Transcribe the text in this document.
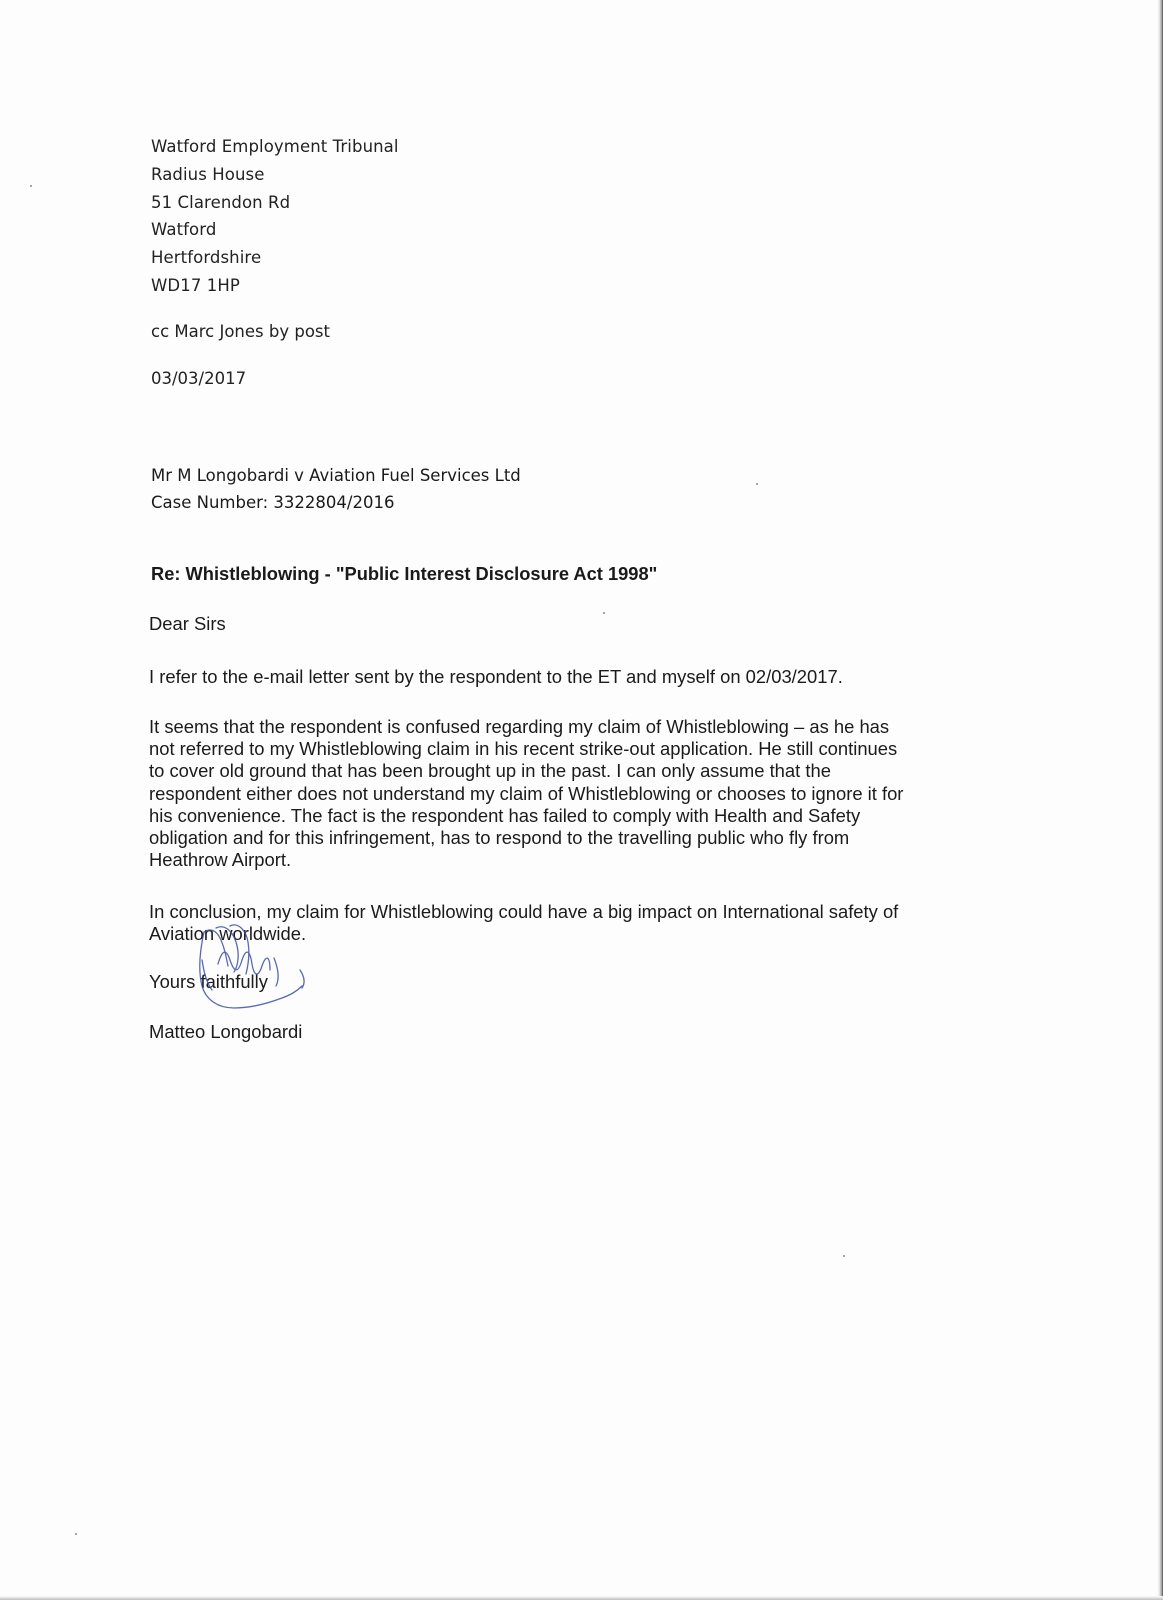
Watford Employment Tribunal
Radius House
51 Clarendon Rd
Watford
Hertfordshire
WD17 1HP
cc Marc Jones by post
03/03/2017
Mr M Longobardi v Aviation Fuel Services Ltd
Case Number: 3322804/2016
Re: Whistleblowing - "Public Interest Disclosure Act 1998"
Dear Sirs
I refer to the e-mail letter sent by the respondent to the ET and myself on 02/03/2017.
It seems that the respondent is confused regarding my claim of Whistleblowing – as he has
not referred to my Whistleblowing claim in his recent strike-out application. He still continues
to cover old ground that has been brought up in the past. I can only assume that the
respondent either does not understand my claim of Whistleblowing or chooses to ignore it for
his convenience. The fact is the respondent has failed to comply with Health and Safety
obligation and for this infringement, has to respond to the travelling public who fly from
Heathrow Airport.
In conclusion, my claim for Whistleblowing could have a big impact on International safety of
Aviation worldwide.
Yours faithfully
Matteo Longobardi
